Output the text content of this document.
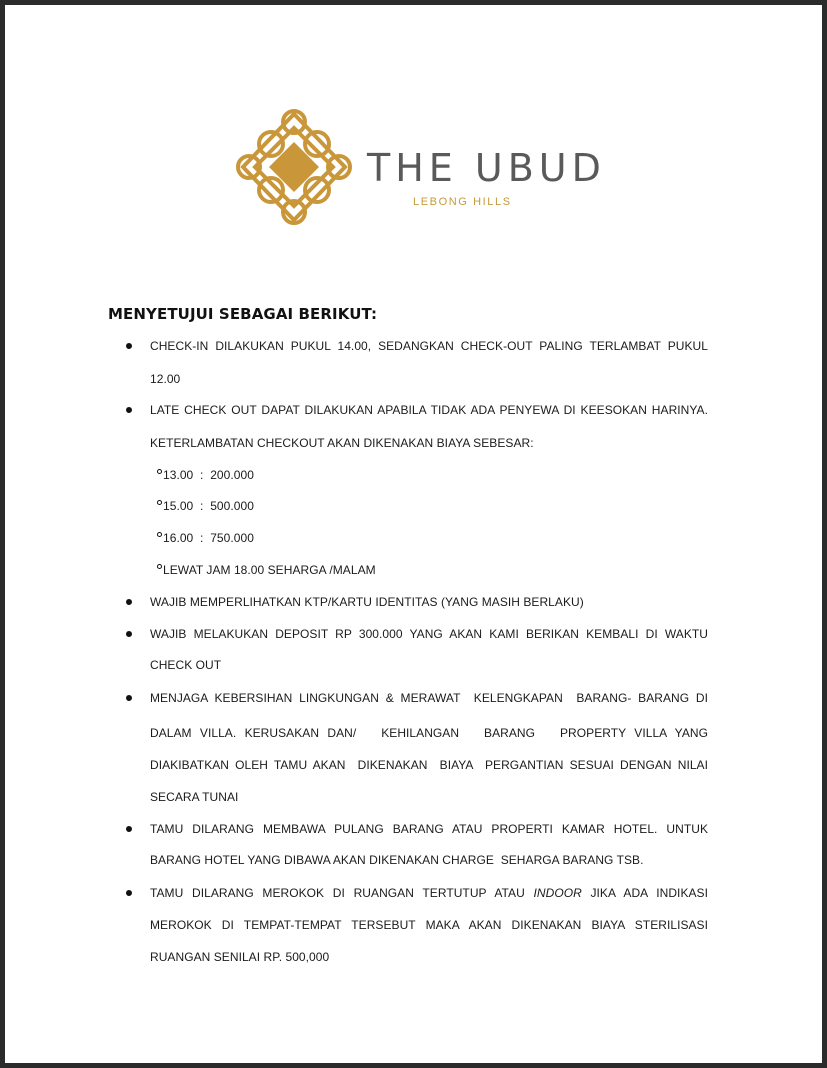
THE UBUD
LEBONG HILLS
MENYETUJUI SEBAGAI BERIKUT:
CHECK-IN DILAKUKAN PUKUL 14.00, SEDANGKAN CHECK-OUT PALING TERLAMBAT PUKUL
12.00
LATE CHECK OUT DAPAT DILAKUKAN APABILA TIDAK ADA PENYEWA DI KEESOKAN HARINYA.
KETERLAMBATAN CHECKOUT AKAN DIKENAKAN BIAYA SEBESAR:
13.00  :  200.000
15.00  :  500.000
16.00  :  750.000
LEWAT JAM 18.00 SEHARGA /MALAM
WAJIB MEMPERLIHATKAN KTP/KARTU IDENTITAS (YANG MASIH BERLAKU)
WAJIB MELAKUKAN DEPOSIT RP 300.000 YANG AKAN KAMI BERIKAN KEMBALI DI WAKTU
CHECK OUT
MENJAGA KEBERSIHAN LINGKUNGAN & MERAWAT  KELENGKAPAN  BARANG- BARANG DI
DALAM VILLA. KERUSAKAN DAN/   KEHILANGAN   BARANG   PROPERTY VILLA YANG
DIAKIBATKAN OLEH TAMU AKAN  DIKENAKAN  BIAYA  PERGANTIAN SESUAI DENGAN NILAI
SECARA TUNAI
TAMU DILARANG MEMBAWA PULANG BARANG ATAU PROPERTI KAMAR HOTEL. UNTUK
BARANG HOTEL YANG DIBAWA AKAN DIKENAKAN CHARGE  SEHARGA BARANG TSB.
TAMU DILARANG MEROKOK DI RUANGAN TERTUTUP ATAU INDOOR JIKA ADA INDIKASI
MEROKOK DI TEMPAT-TEMPAT TERSEBUT MAKA AKAN DIKENAKAN BIAYA STERILISASI
RUANGAN SENILAI RP. 500,000
